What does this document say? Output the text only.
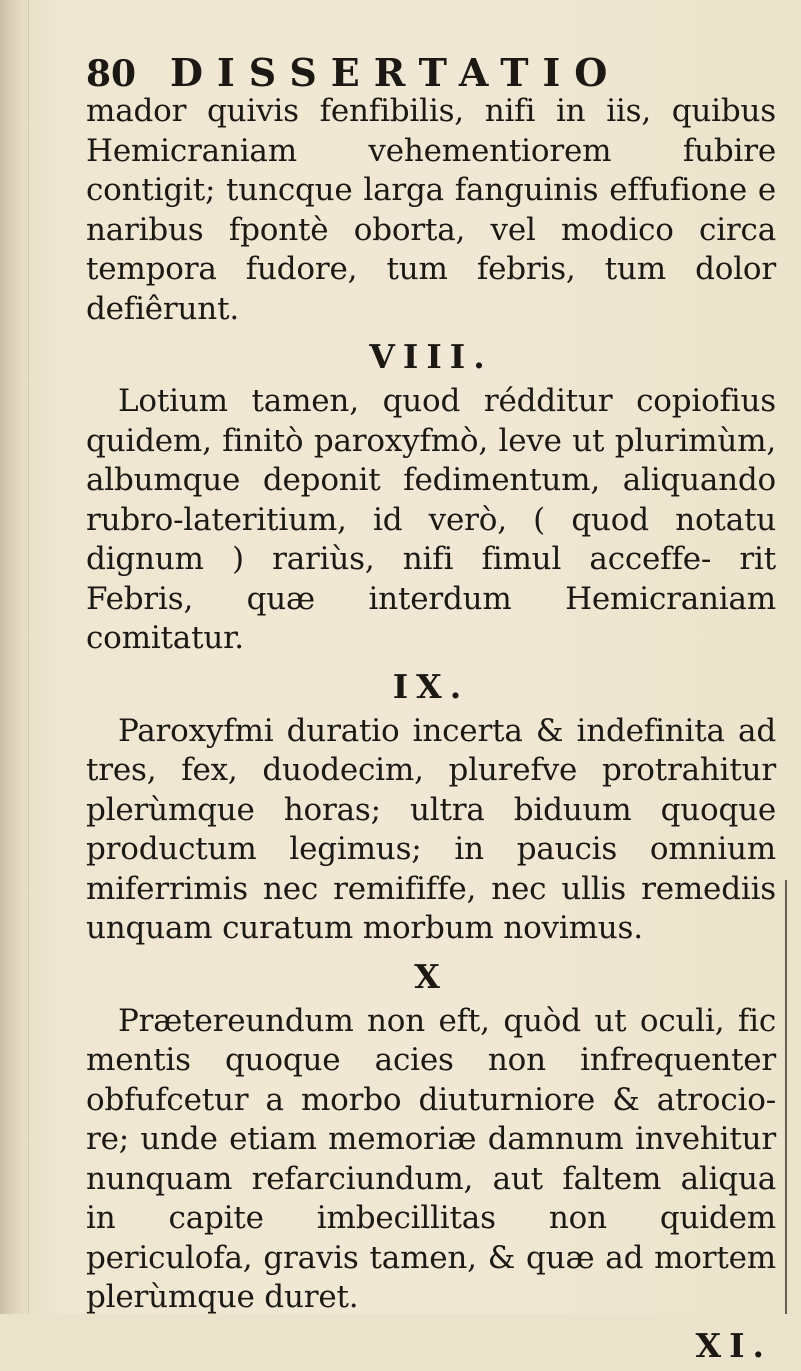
80 DISSERTATIO

mador quivis fenfibilis, nifi in iis, quibus Hemicraniam vehementiorem fubire contigit; tuncque larga fanguinis effufione e naribus fpontè oborta, vel modico circa tempora fudore, tum febris, tum dolor defiêrunt.

VIII.

Lotium tamen, quod rédditur copiofius quidem, finitò paroxyfmò, leve ut plurimùm, albumque deponit fedimentum, aliquando rubro-lateritium, id verò, ( quod notatu dignum ) rariùs, nifi fimul acceffe- rit Febris, quæ interdum Hemicraniam comitatur.

IX.

Paroxyfmi duratio incerta & indefinita ad tres, fex, duodecim, plurefve protrahitur plerùmque horas; ultra biduum quoque productum legimus; in paucis omnium miferrimis nec remififfe, nec ullis remediis unquam curatum morbum novimus.

X

Prætereundum non eft, quòd ut oculi, fic mentis quoque acies non infrequenter obfufcetur a morbo diuturniore & atrocio- re; unde etiam memoriæ damnum invehitur nunquam refarciundum, aut faltem aliqua in capite imbecillitas non quidem periculofa, gravis tamen, & quæ ad mortem plerùmque duret.

XI.
